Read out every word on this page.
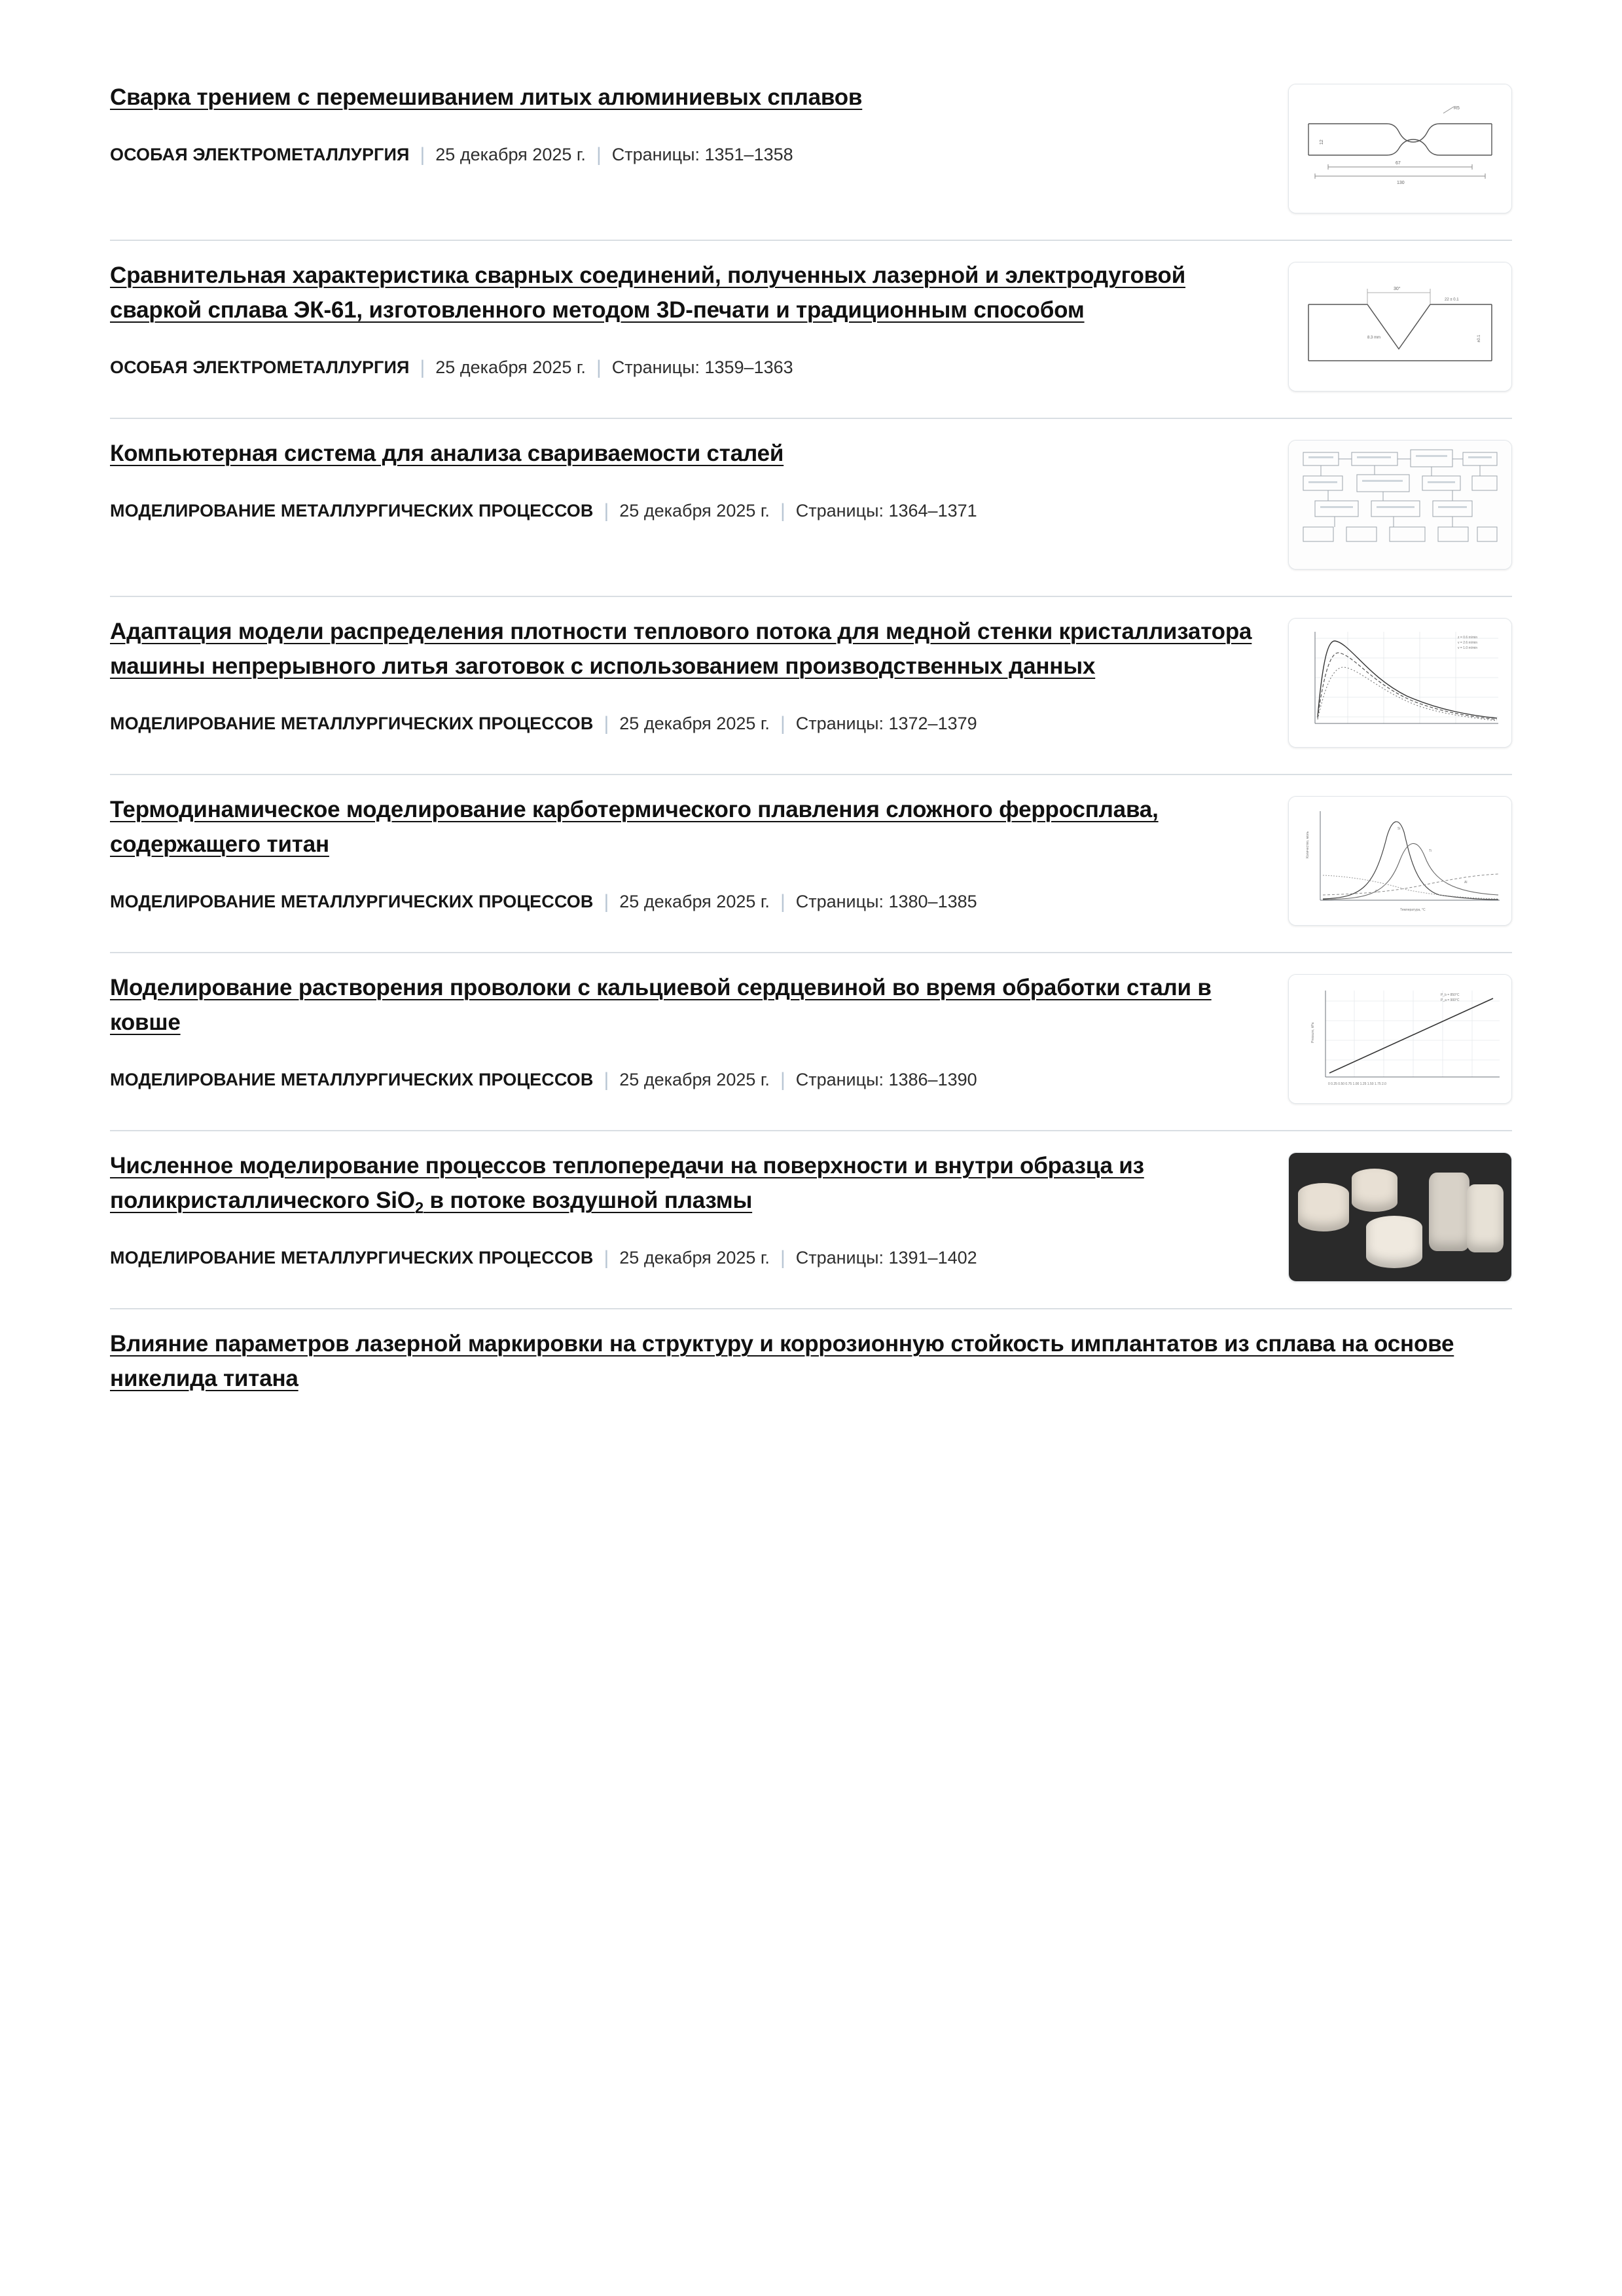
Сварка трением с перемешиванием литых алюминиевых сплавов
ОСОБАЯ ЭЛЕКТРОМЕТАЛЛУРГИЯ | 25 декабря 2025 г. | Страницы: 1351–1358
130
67
R5
12
Сравнительная характеристика сварных соединений, полученных лазерной и электродуговой сваркой сплава ЭК-61, изготовленного методом 3D-печати и традиционным способом
ОСОБАЯ ЭЛЕКТРОМЕТАЛЛУРГИЯ | 25 декабря 2025 г. | Страницы: 1359–1363
30°
22 ± 0.1
8.3 mm	±0.1
Компьютерная система для анализа свариваемости сталей
МОДЕЛИРОВАНИЕ МЕТАЛЛУРГИЧЕСКИХ ПРОЦЕССОВ | 25 декабря 2025 г. | Страницы: 1364–1371
Адаптация модели распределения плотности теплового потока для медной стенки кристаллизатора машины непрерывного литья заготовок с использованием производственных данных
МОДЕЛИРОВАНИЕ МЕТАЛЛУРГИЧЕСКИХ ПРОЦЕССОВ | 25 декабря 2025 г. | Страницы: 1372–1379
z = 0.6 m/min
v = 2.6 m/min
v = 1.0 m/min
Термодинамическое моделирование карботермического плавления сложного ферросплава, содержащего титан
МОДЕЛИРОВАНИЕ МЕТАЛЛУРГИЧЕСКИХ ПРОЦЕССОВ | 25 декабря 2025 г. | Страницы: 1380–1385
Si
Ti
Al
C
Количество, моль
Температура, °C
Моделирование растворения проволоки с кальциевой сердцевиной во время обработки стали в ковше
МОДЕЛИРОВАНИЕ МЕТАЛЛУРГИЧЕСКИХ ПРОЦЕССОВ | 25 декабря 2025 г. | Страницы: 1386–1390
P_b = 850°C
P_a = 900°C
Pressure, kPa
0 0.25 0.50 0.75 1.00 1.25 1.50 1.75 2.0
Численное моделирование процессов теплопередачи на поверхности и внутри образца из поликристаллического SiO$_2$ в потоке воздушной плазмы
МОДЕЛИРОВАНИЕ МЕТАЛЛУРГИЧЕСКИХ ПРОЦЕССОВ | 25 декабря 2025 г. | Страницы: 1391–1402
Влияние параметров лазерной маркировки на структуру и коррозионную стойкость имплантатов из сплава на основе никелида титана
